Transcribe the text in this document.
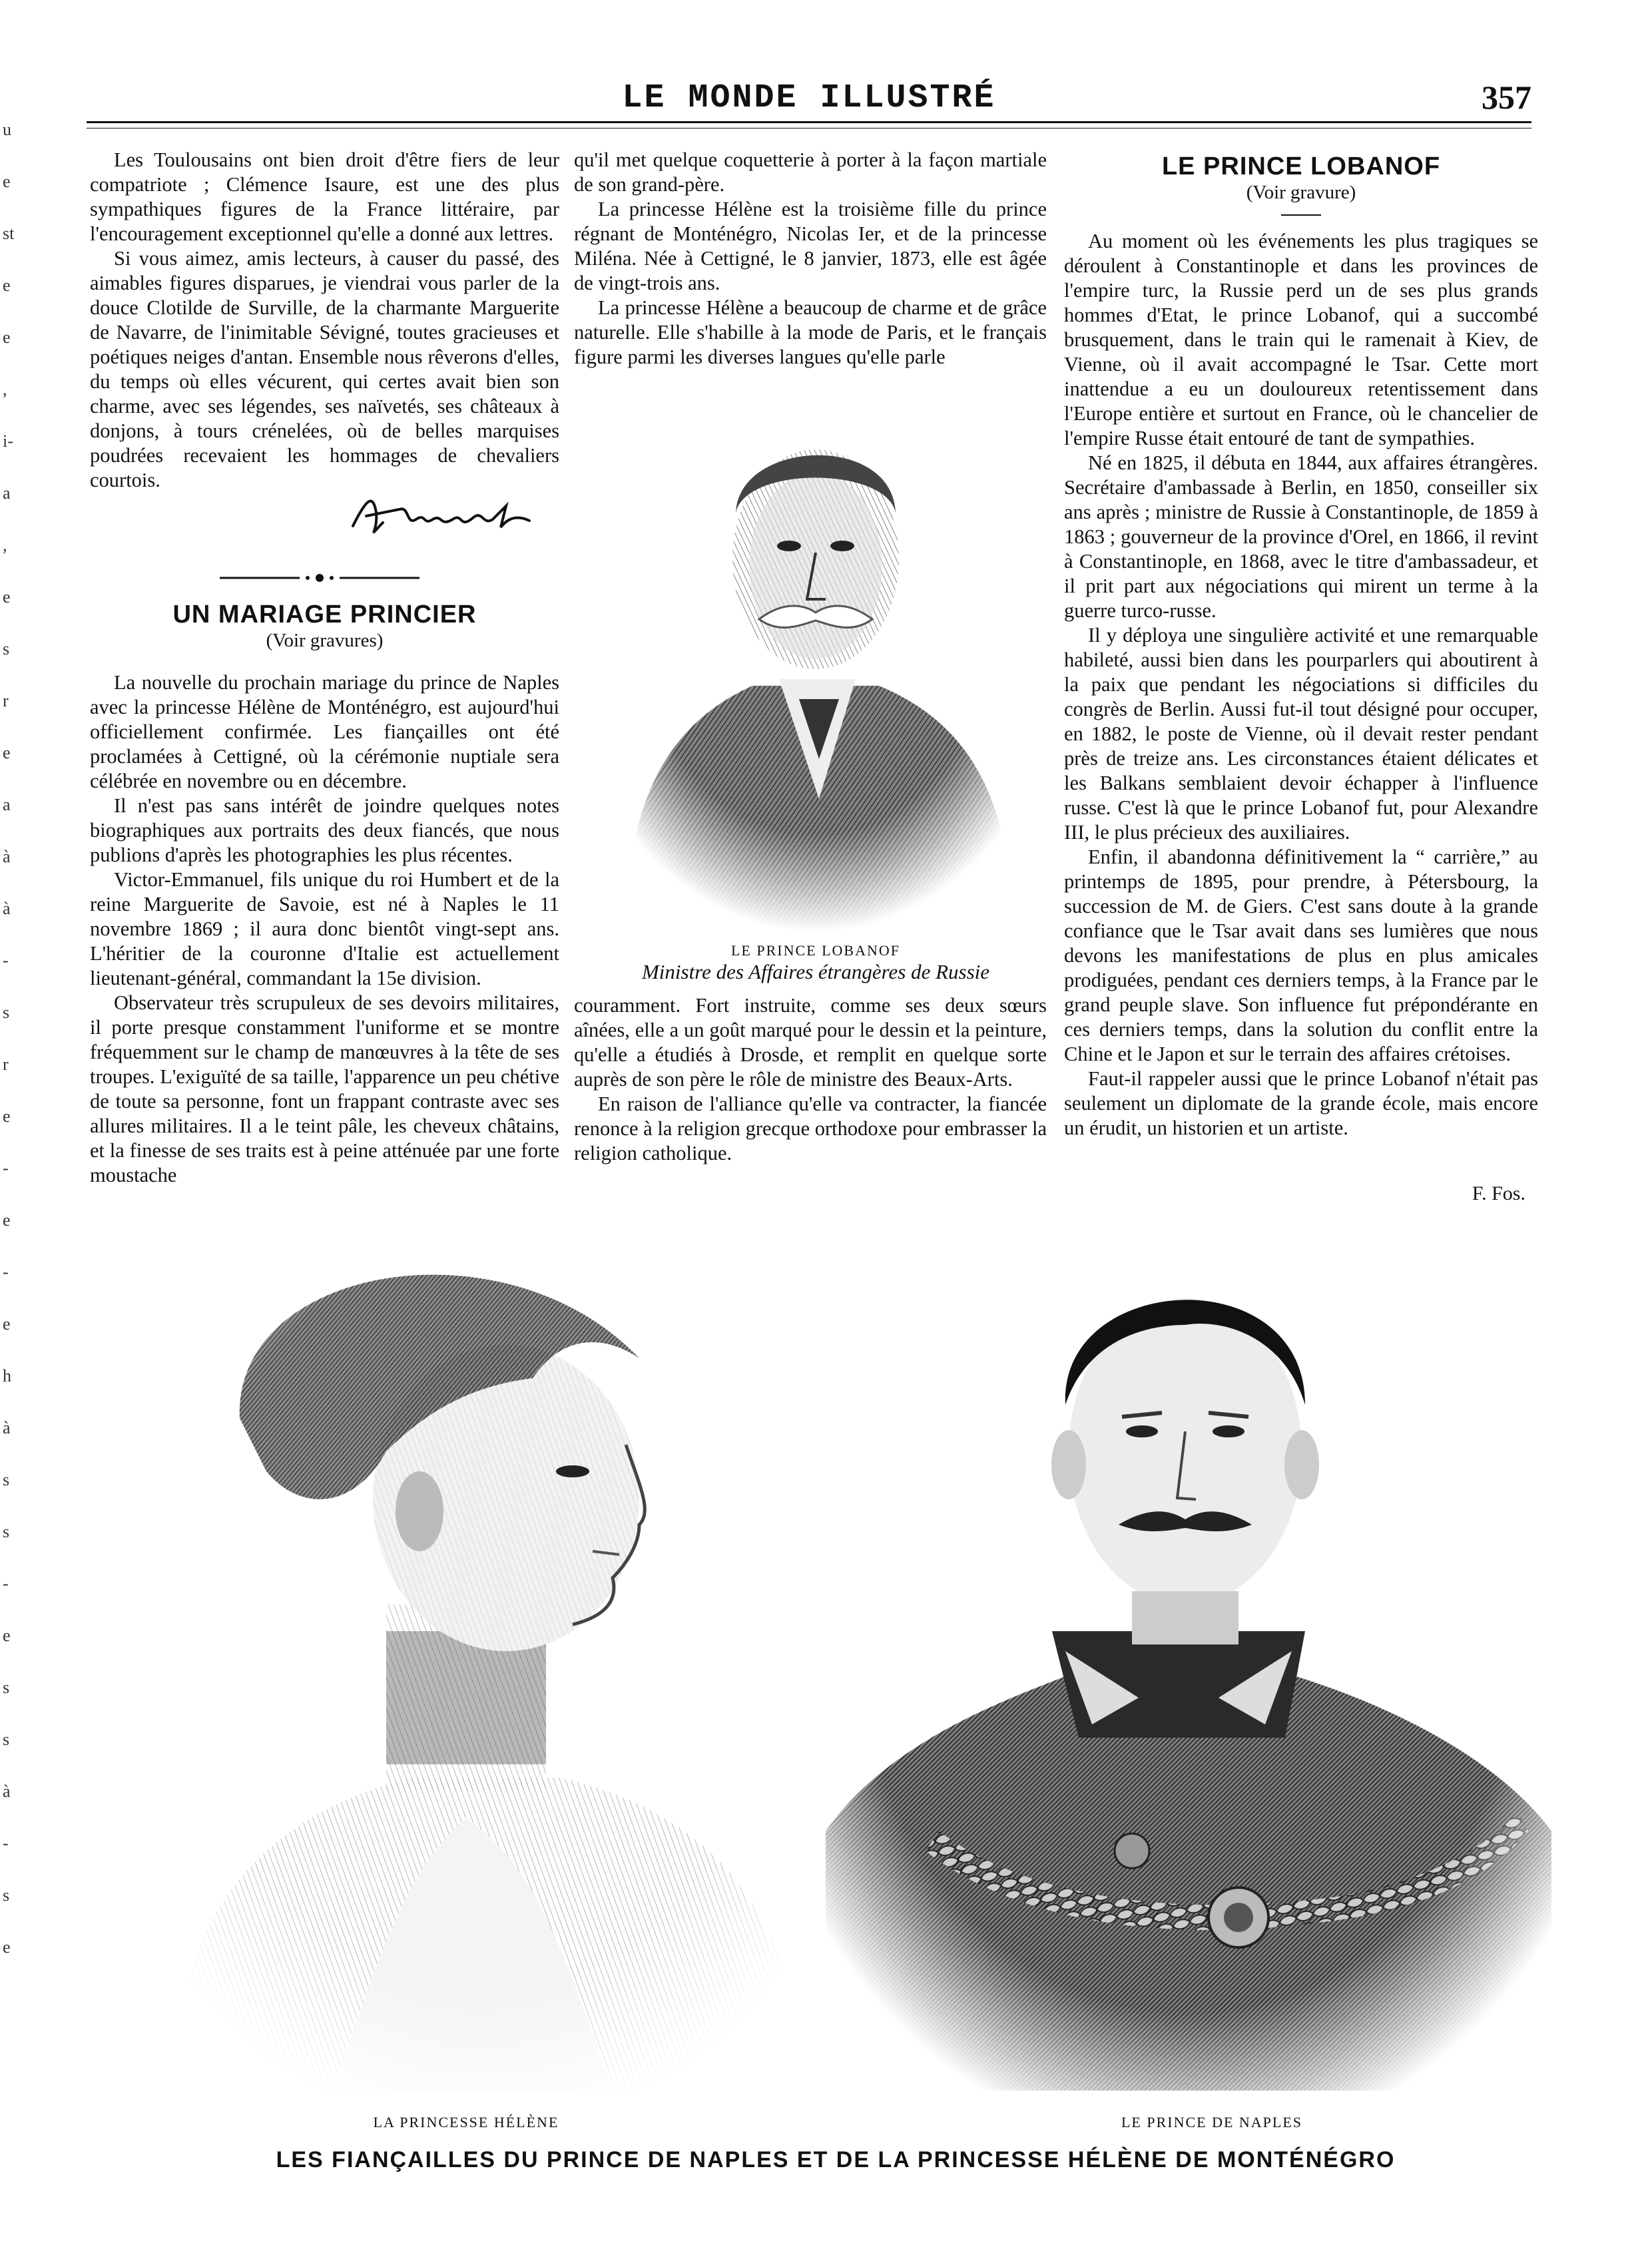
u
e
st
e
e
,
i-
a
,
e
s
r
e
a
à
à
-
s
r
e
-
e
-
e
h
à
s
s
-
e
s
s
à
-
s
e
LE MONDE ILLUSTRÉ	357

Les Toulousains ont bien droit d'être fiers de leur compatriote ; Clémence Isaure, est une des plus sympathiques figures de la France littéraire, par l'encouragement exceptionnel qu'elle a donné aux lettres.

Si vous aimez, amis lecteurs, à causer du passé, des aimables figures disparues, je viendrai vous parler de la douce Clotilde de Surville, de la charmante Marguerite de Navarre, de l'inimitable Sévigné, toutes gracieuses et poétiques neiges d'antan. Ensemble nous rêverons d'elles, du temps où elles vécurent, qui certes avait bien son charme, avec ses légendes, ses naïvetés, ses châteaux à donjons, à tours crénelées, où de belles marquises poudrées recevaient les hommages de chevaliers courtois.

UN MARIAGE PRINCIER
(Voir gravures)

La nouvelle du prochain mariage du prince de Naples avec la princesse Hélène de Monténégro, est aujourd'hui officiellement confirmée. Les fiançailles ont été proclamées à Cettigné, où la cérémonie nuptiale sera célébrée en novembre ou en décembre.

Il n'est pas sans intérêt de joindre quelques notes biographiques aux portraits des deux fiancés, que nous publions d'après les photographies les plus récentes.

Victor-Emmanuel, fils unique du roi Humbert et de la reine Marguerite de Savoie, est né à Naples le 11 novembre 1869 ; il aura donc bientôt vingt-sept ans. L'héritier de la couronne d'Italie est actuellement lieutenant-général, commandant la 15e division.

Observateur très scrupuleux de ses devoirs militaires, il porte presque constamment l'uniforme et se montre fréquemment sur le champ de manœuvres à la tête de ses troupes. L'exiguïté de sa taille, l'apparence un peu chétive de toute sa personne, font un frappant contraste avec ses allures militaires. Il a le teint pâle, les cheveux châtains, et la finesse de ses traits est à peine atténuée par une forte moustache

qu'il met quelque coquetterie à porter à la façon martiale de son grand-père.

La princesse Hélène est la troisième fille du prince régnant de Monténégro, Nicolas Ier, et de la princesse Miléna. Née à Cettigné, le 8 janvier, 1873, elle est âgée de vingt-trois ans.

La princesse Hélène a beaucoup de charme et de grâce naturelle. Elle s'habille à la mode de Paris, et le français figure parmi les diverses langues qu'elle parle

LE PRINCE LOBANOF
Ministre des Affaires étrangères de Russie

couramment. Fort instruite, comme ses deux sœurs aînées, elle a un goût marqué pour le dessin et la peinture, qu'elle a étudiés à Drosde, et remplit en quelque sorte auprès de son père le rôle de ministre des Beaux-Arts.

En raison de l'alliance qu'elle va contracter, la fiancée renonce à la religion grecque orthodoxe pour embrasser la religion catholique.

LE PRINCE LOBANOF
(Voir gravure)

Au moment où les événements les plus tragiques se déroulent à Constantinople et dans les provinces de l'empire turc, la Russie perd un de ses plus grands hommes d'Etat, le prince Lobanof, qui a succombé brusquement, dans le train qui le ramenait à Kiev, de Vienne, où il avait accompagné le Tsar. Cette mort inattendue a eu un douloureux retentissement dans l'Europe entière et surtout en France, où le chancelier de l'empire Russe était entouré de tant de sympathies.

Né en 1825, il débuta en 1844, aux affaires étrangères. Secrétaire d'ambassade à Berlin, en 1850, conseiller six ans après ; ministre de Russie à Constantinople, de 1859 à 1863 ; gouverneur de la province d'Orel, en 1866, il revint à Constantinople, en 1868, avec le titre d'ambassadeur, et il prit part aux négociations qui mirent un terme à la guerre turco-russe.

Il y déploya une singulière activité et une remarquable habileté, aussi bien dans les pourparlers qui aboutirent à la paix que pendant les négociations si difficiles du congrès de Berlin. Aussi fut-il tout désigné pour occuper, en 1882, le poste de Vienne, où il devait rester pendant près de treize ans. Les circonstances étaient délicates et les Balkans semblaient devoir échapper à l'influence russe. C'est là que le prince Lobanof fut, pour Alexandre III, le plus précieux des auxiliaires.

Enfin, il abandonna définitivement la “ carrière,” au printemps de 1895, pour prendre, à Pétersbourg, la succession de M. de Giers. C'est sans doute à la grande confiance que le Tsar avait dans ses lumières que nous devons les manifestations de plus en plus amicales prodiguées, pendant ces derniers temps, à la France par le grand peuple slave. Son influence fut prépondérante en ces derniers temps, dans la solution du conflit entre la Chine et le Japon et sur le terrain des affaires crétoises.

Faut-il rappeler aussi que le prince Lobanof n'était pas seulement un diplomate de la grande école, mais encore un érudit, un historien et un artiste.

F. Fos.
LA PRINCESSE HÉLÈNE	LE PRINCE DE NAPLES
LES FIANÇAILLES DU PRINCE DE NAPLES ET DE LA PRINCESSE HÉLÈNE DE MONTÉNÉGRO
